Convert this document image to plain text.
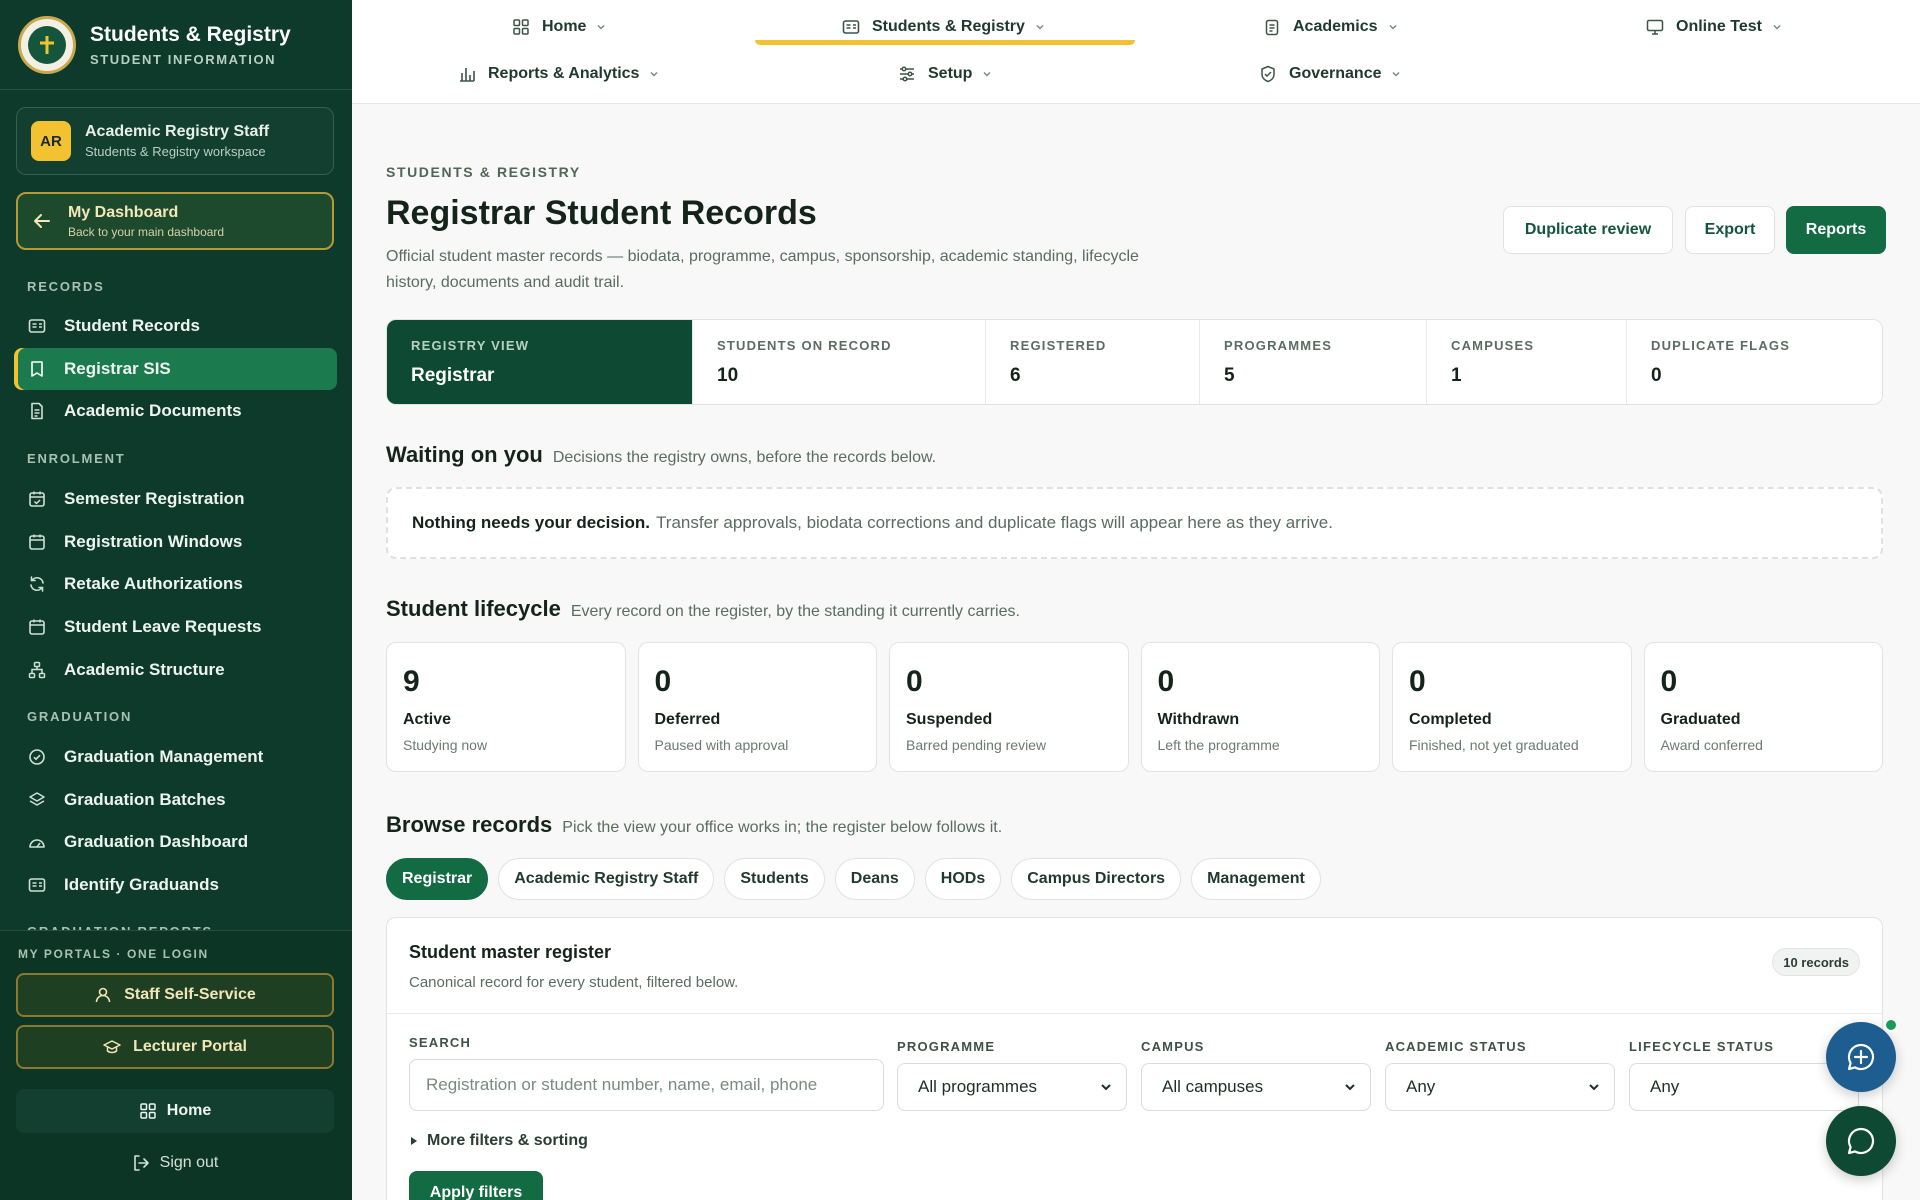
Students & Registry
STUDENT INFORMATION
AR
Academic Registry Staff
Students & Registry workspace
My Dashboard
Back to your main dashboard
RECORDS
Student Records
Registrar SIS
Academic Documents
ENROLMENT
Semester Registration
Registration Windows
Retake Authorizations
Student Leave Requests
Academic Structure
GRADUATION
Graduation Management
Graduation Batches
Graduation Dashboard
Identify Graduands
MY PORTALS · ONE LOGIN
Staff Self-Service
Lecturer Portal
Home
Sign out
Home	Students & Registry	Academics	Online Test
Reports & Analytics	Setup	Governance
STUDENTS & REGISTRY
Registrar Student Records

Official student master records — biodata, programme, campus, sponsorship, academic standing, lifecycle history, documents and audit trail.

Duplicate review	Export	Reports
REGISTRY VIEW
Registrar
STUDENTS ON RECORD
10
REGISTERED
6
PROGRAMMES
5
CAMPUSES
1
DUPLICATE FLAGS
0
Waiting on you Decisions the registry owns, before the records below.
Nothing needs your decision. Transfer approvals, biodata corrections and duplicate flags will appear here as they arrive.
Student lifecycle Every record on the register, by the standing it currently carries.
9
Active
Studying now
0
Deferred
Paused with approval
0
Suspended
Barred pending review
0
Withdrawn
Left the programme
0
Completed
Finished, not yet graduated
0
Graduated
Award conferred
Browse records Pick the view your office works in; the register below follows it.
Registrar	Academic Registry Staff	Students	Deans	HODs	Campus Directors	Management
Student master register
Canonical record for every student, filtered below.
10 records
SEARCH
Registration or student number, name, email, phone
PROGRAMME
All programmes
CAMPUS
All campuses
ACADEMIC STATUS
Any
LIFECYCLE STATUS
Any
More filters & sorting
Apply filters
